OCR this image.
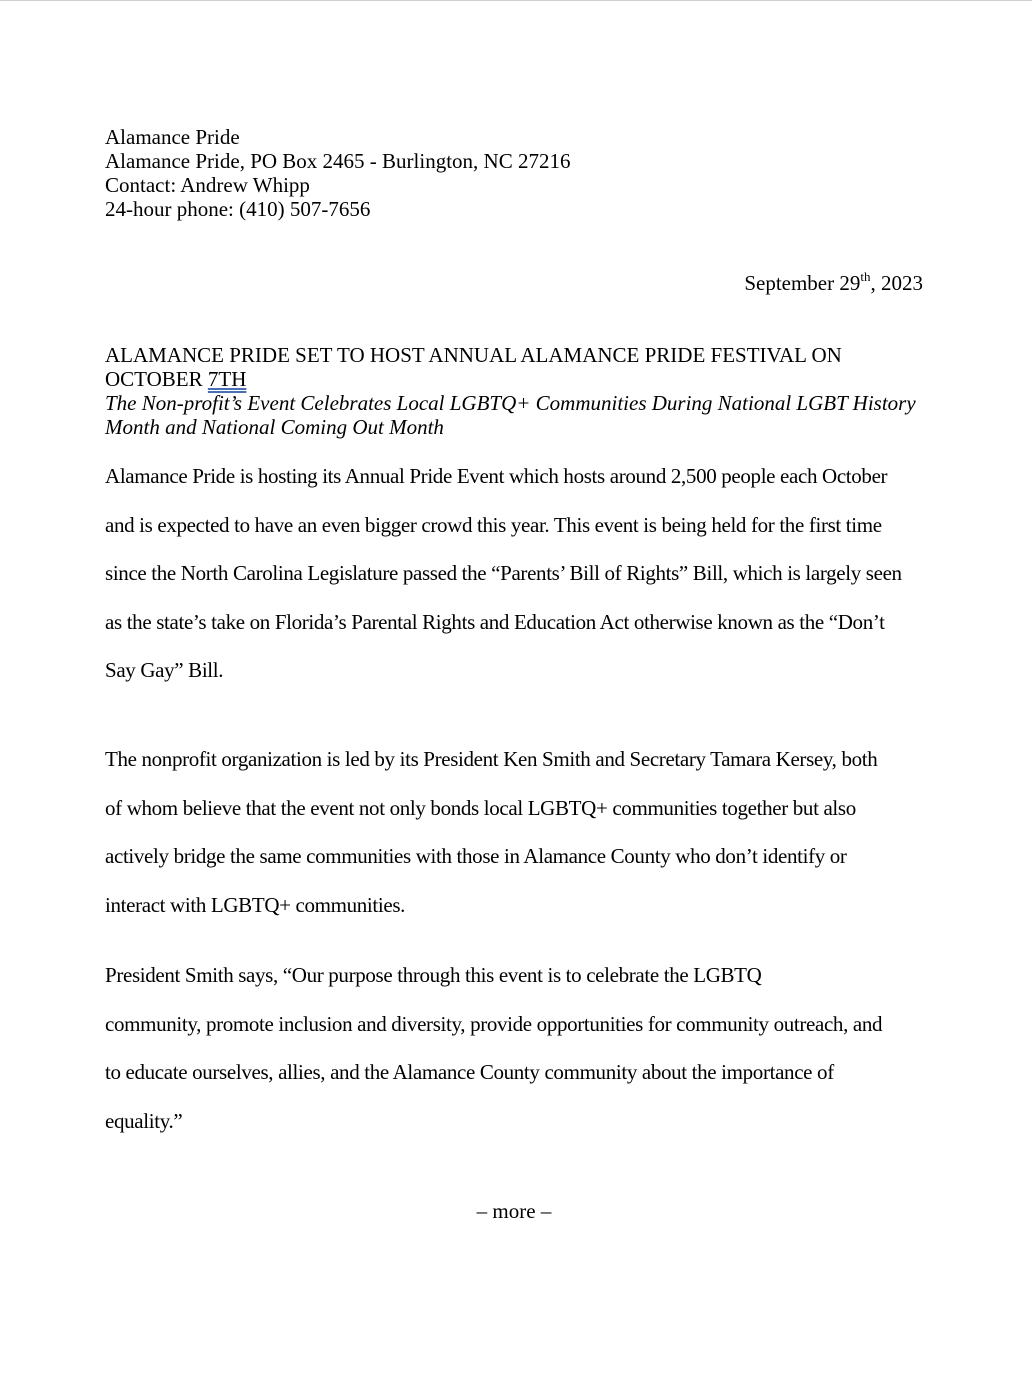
Alamance Pride
Alamance Pride, PO Box 2465 - Burlington, NC 27216
Contact: Andrew Whipp
24-hour phone: (410) 507-7656
September 29th, 2023
ALAMANCE PRIDE SET TO HOST ANNUAL ALAMANCE PRIDE FESTIVAL ON
OCTOBER 7TH
The Non-profit’s Event Celebrates Local LGBTQ+ Communities During National LGBT History
Month and National Coming Out Month
Alamance Pride is hosting its Annual Pride Event which hosts around 2,500 people each October
and is expected to have an even bigger crowd this year. This event is being held for the first time
since the North Carolina Legislature passed the “Parents’ Bill of Rights” Bill, which is largely seen
as the state’s take on Florida’s Parental Rights and Education Act otherwise known as the “Don’t
Say Gay” Bill.
The nonprofit organization is led by its President Ken Smith and Secretary Tamara Kersey, both
of whom believe that the event not only bonds local LGBTQ+ communities together but also
actively bridge the same communities with those in Alamance County who don’t identify or
interact with LGBTQ+ communities.
President Smith says, “Our purpose through this event is to celebrate the LGBTQ
community, promote inclusion and diversity, provide opportunities for community outreach, and
to educate ourselves, allies, and the Alamance County community about the importance of
equality.”
– more –
